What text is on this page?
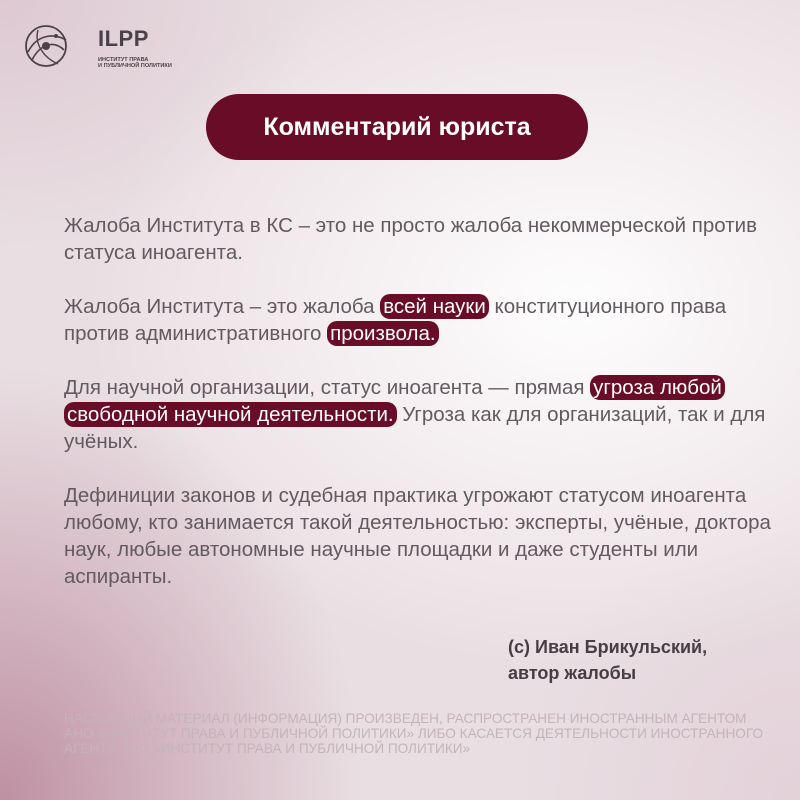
ILPP
ИНСТИТУТ ПРАВА
И ПУБЛИЧНОЙ ПОЛИТИКИ
Комментарий юриста

Жалоба Института в КС – это не просто жалоба некоммерческой против статуса иноагента.

Жалоба Института – это жалоба всей науки конституционного права против административного произвола.

Для научной организации, статус иноагента — прямая угроза любой свободной научной деятельности. Угроза как для организаций, так и для учёных.

Дефиниции законов и судебная практика угрожают статусом иноагента любому, кто занимается такой деятельностью: эксперты, учёные, доктора наук, любые автономные научные площадки и даже студенты или аспиранты.

(с) Иван Брикульский,
автор жалобы
НАСТОЯЩИЙ МАТЕРИАЛ (ИНФОРМАЦИЯ) ПРОИЗВЕДЕН, РАСПРОСТРАНЕН ИНОСТРАННЫМ АГЕНТОМ АНО «ИНСТИТУТ ПРАВА И ПУБЛИЧНОЙ ПОЛИТИКИ» ЛИБО КАСАЕТСЯ ДЕЯТЕЛЬНОСТИ ИНОСТРАННОГО АГЕНТА АНО «ИНСТИТУТ ПРАВА И ПУБЛИЧНОЙ ПОЛИТИКИ»
